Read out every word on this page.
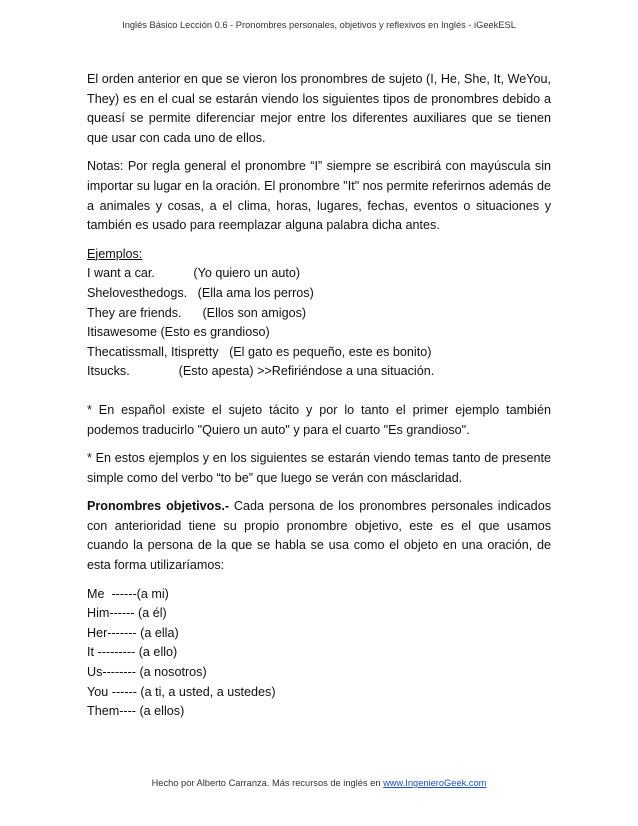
Inglés Básico Lección 0.6 - Pronombres personales, objetivos y reflexivos en Inglés - iGeekESL
El orden anterior en que se vieron los pronombres de sujeto (I, He, She, It, WeYou, They) es en el cual se estarán viendo los siguientes tipos de pronombres debido a queasí se permite diferenciar mejor entre los diferentes auxiliares que se tienen que usar con cada uno de ellos.
Notas: Por regla general el pronombre “I” siempre se escribirá con mayúscula sin importar su lugar en la oración. El pronombre "It" nos permite referirnos además de a animales y cosas, a el clima, horas, lugares, fechas, eventos o situaciones y también es usado para reemplazar alguna palabra dicha antes.
Ejemplos:
I want a car.           (Yo quiero un auto)
Shelovesthedogs.   (Ella ama los perros)
They are friends.      (Ellos son amigos)
Itisawesome (Esto es grandioso)
Thecatissmall, Itispretty   (El gato es pequeño, este es bonito)
Itsucks.              (Esto apesta) >>Refiriéndose a una situación.
* En español existe el sujeto tácito y por lo tanto el primer ejemplo también podemos traducirlo "Quiero un auto" y para el cuarto "Es grandioso".
* En estos ejemplos y en los siguientes se estarán viendo temas tanto de presente simple como del verbo “to be” que luego se verán con másclaridad.
Pronombres objetivos.- Cada persona de los pronombres personales indicados con anterioridad tiene su propio pronombre objetivo, este es el que usamos cuando la persona de la que se habla se usa como el objeto en una oración, de esta forma utilizaríamos:
Me  ------(a mi)
Him------ (a él)
Her------- (a ella)
It --------- (a ello)
Us-------- (a nosotros)
You ------ (a ti, a usted, a ustedes)
Them---- (a ellos)
Hecho por Alberto Carranza. Más recursos de inglés en www.IngenieroGeek.com
